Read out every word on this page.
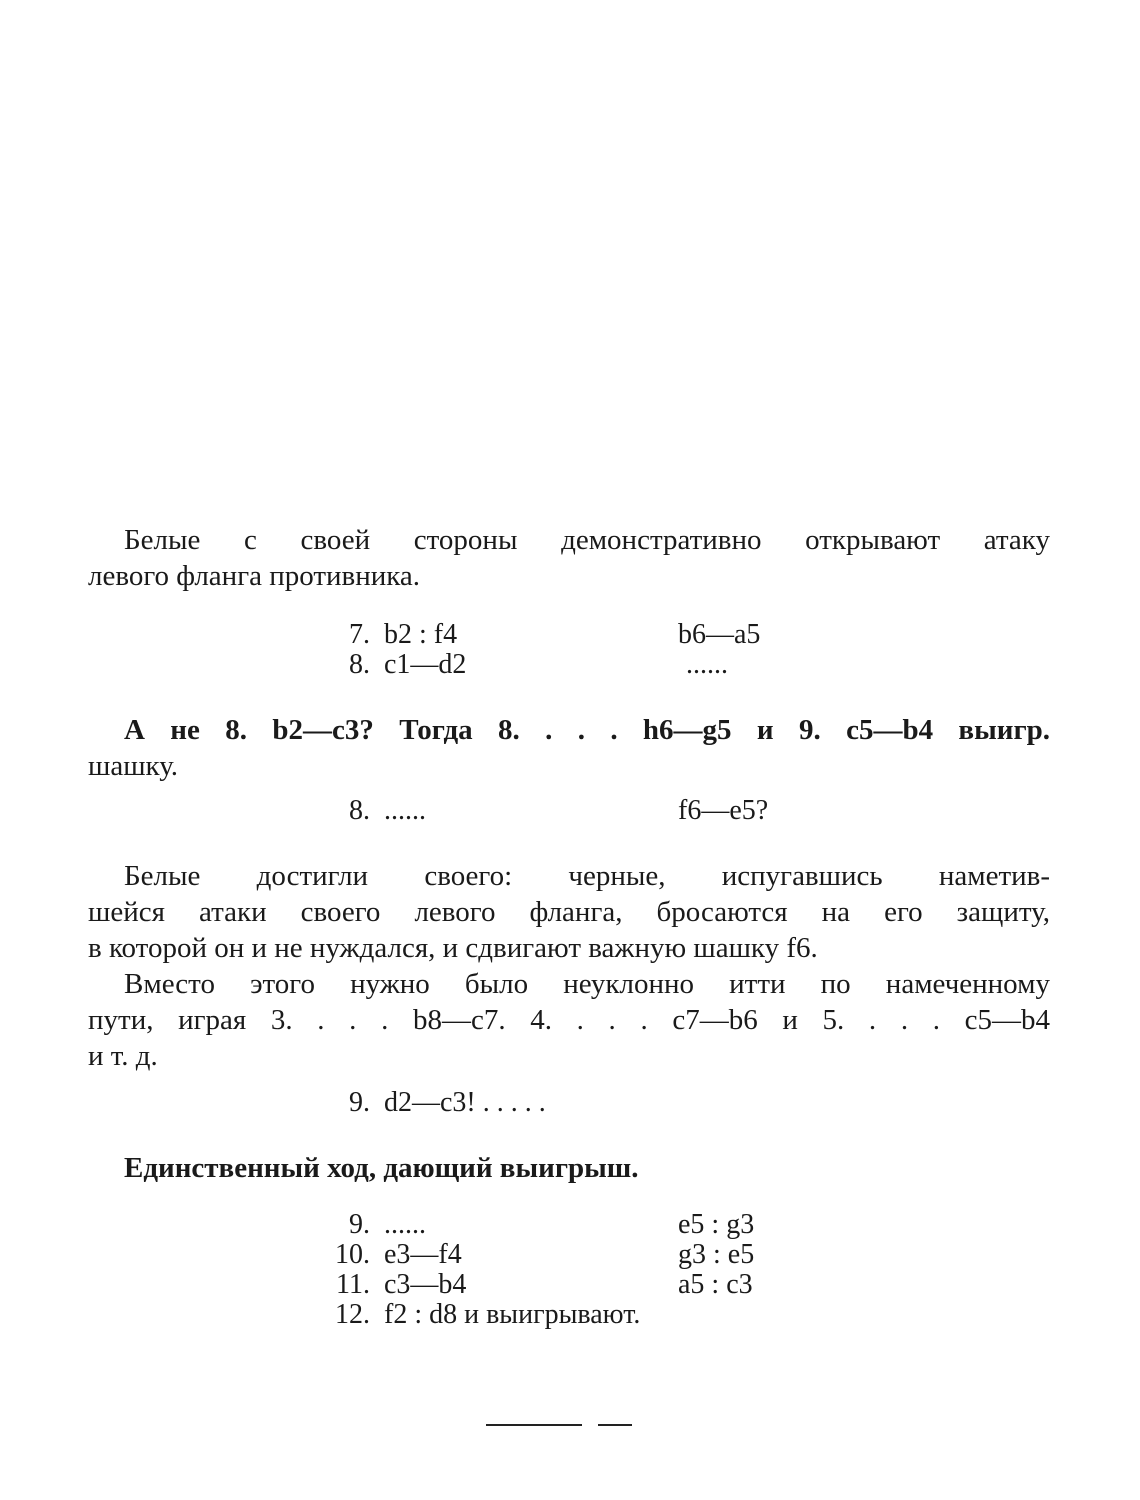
Белые с своей стороны демонстративно открывают атаку
левого фланга противника.
7. b2 : f4	b6—a5
8. c1—d2	......
А не 8. b2—c3? Тогда 8. . . . h6—g5 и 9. c5—b4 выигр.
шашку.
8. ......	f6—e5?
Белые достигли своего: черные, испугавшись наметив-
шейся атаки своего левого фланга, бросаются на его защиту,
в которой он и не нуждался, и сдвигают важную шашку f6.
Вместо этого нужно было неуклонно итти по намеченному
пути, играя 3. . . . b8—c7. 4. . . . c7—b6 и 5. . . . c5—b4
и т. д.
9. d2—c3! . . . . .
Единственный ход, дающий выигрыш.
9. ......	e5 : g3
10. e3—f4	g3 : e5
11. c3—b4	a5 : c3
12. f2 : d8 и выигрывают.
